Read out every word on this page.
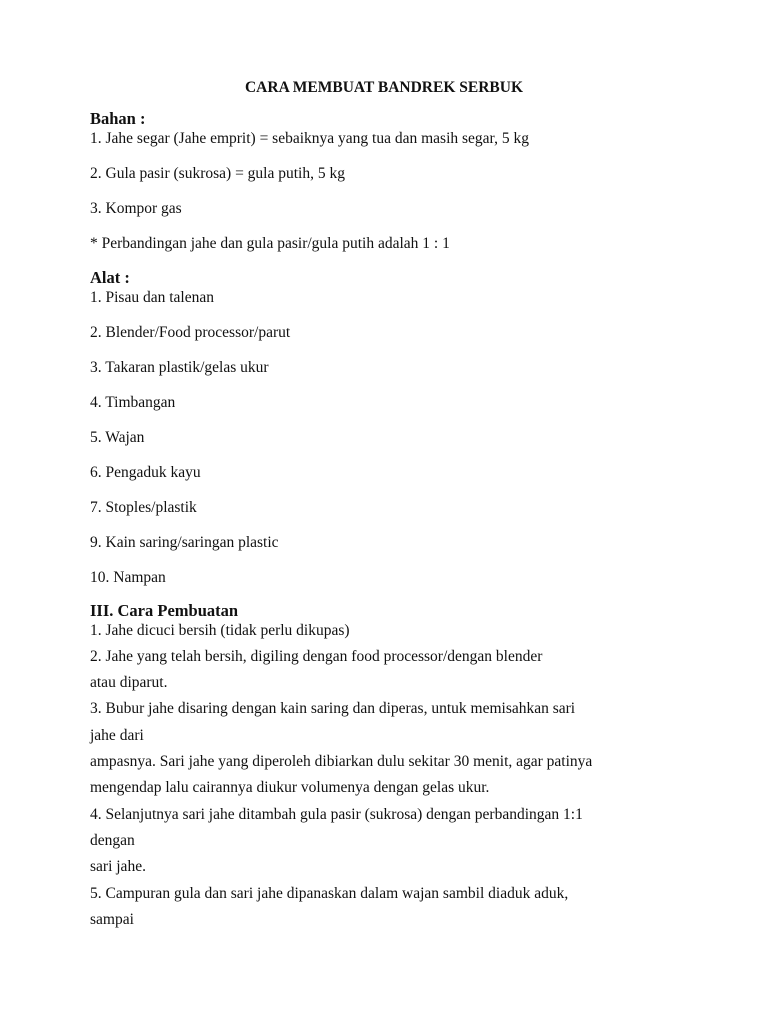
CARA MEMBUAT BANDREK SERBUK
Bahan :
1. Jahe segar (Jahe emprit) = sebaiknya yang tua dan masih segar, 5 kg
2. Gula pasir (sukrosa) = gula putih, 5 kg
3. Kompor gas
* Perbandingan jahe dan gula pasir/gula putih adalah 1 : 1
Alat :
1. Pisau dan talenan
2. Blender/Food processor/parut
3. Takaran plastik/gelas ukur
4. Timbangan
5. Wajan
6. Pengaduk kayu
7. Stoples/plastik
9. Kain saring/saringan plastic
10. Nampan
III. Cara Pembuatan
1. Jahe dicuci bersih (tidak perlu dikupas)
2. Jahe yang telah bersih, digiling dengan food processor/dengan blender
atau diparut.
3. Bubur jahe disaring dengan kain saring dan diperas, untuk memisahkan sari
jahe dari
ampasnya. Sari jahe yang diperoleh dibiarkan dulu sekitar 30 menit, agar patinya
mengendap lalu cairannya diukur volumenya dengan gelas ukur.
4. Selanjutnya sari jahe ditambah gula pasir (sukrosa) dengan perbandingan 1:1
dengan
sari jahe.
5. Campuran gula dan sari jahe dipanaskan dalam wajan sambil diaduk aduk,
sampai
